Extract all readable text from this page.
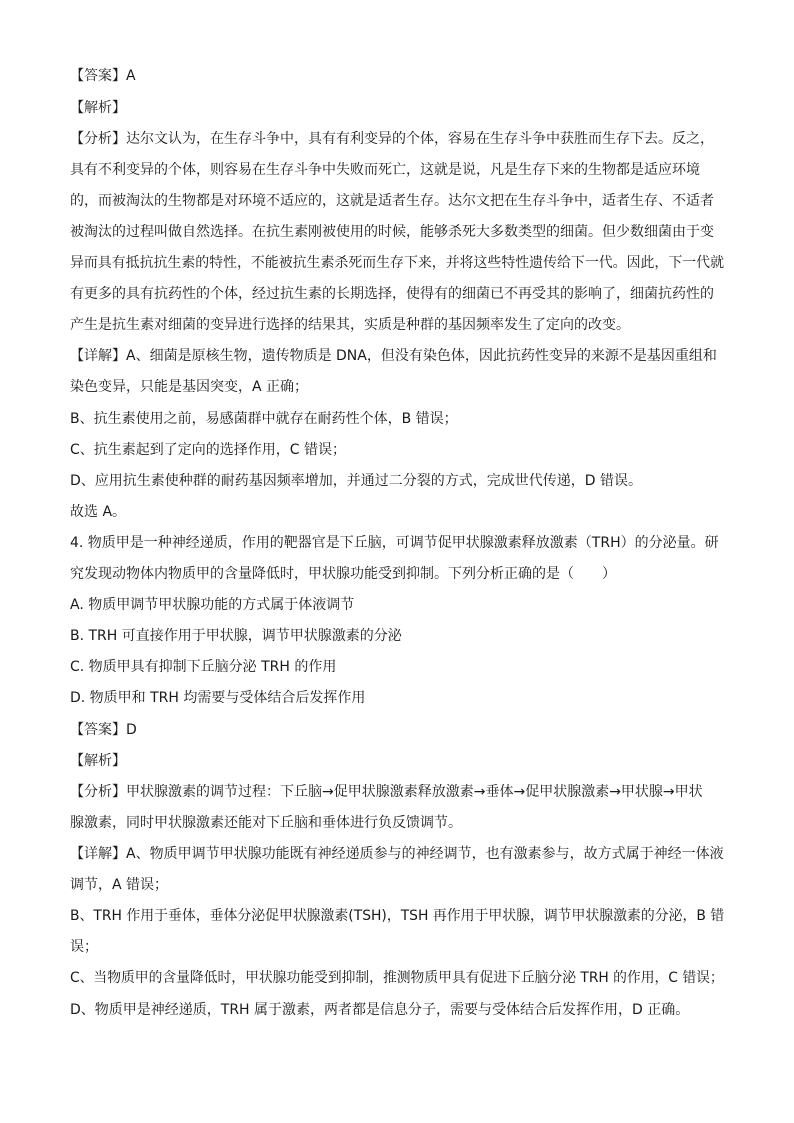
【答案】A
【解析】
【分析】达尔文认为，在生存斗争中，具有有利变异的个体，容易在生存斗争中获胜而生存下去。反之，
具有不利变异的个体，则容易在生存斗争中失败而死亡，这就是说，凡是生存下来的生物都是适应环境
的，而被淘汰的生物都是对环境不适应的，这就是适者生存。达尔文把在生存斗争中，适者生存、不适者
被淘汰的过程叫做自然选择。在抗生素刚被使用的时候，能够杀死大多数类型的细菌。但少数细菌由于变
异而具有抵抗抗生素的特性，不能被抗生素杀死而生存下来，并将这些特性遗传给下一代。因此，下一代就
有更多的具有抗药性的个体，经过抗生素的长期选择，使得有的细菌已不再受其的影响了，细菌抗药性的
产生是抗生素对细菌的变异进行选择的结果其，实质是种群的基因频率发生了定向的改变。
【详解】A、细菌是原核生物，遗传物质是 DNA，但没有染色体，因此抗药性变异的来源不是基因重组和
染色变异，只能是基因突变，A 正确；
B、抗生素使用之前，易感菌群中就存在耐药性个体，B 错误；
C、抗生素起到了定向的选择作用，C 错误；
D、应用抗生素使种群的耐药基因频率增加，并通过二分裂的方式，完成世代传递，D 错误。
故选 A。
4. 物质甲是一种神经递质，作用的靶器官是下丘脑，可调节促甲状腺激素释放激素（TRH）的分泌量。研
究发现动物体内物质甲的含量降低时，甲状腺功能受到抑制。下列分析正确的是（　　）
A. 物质甲调节甲状腺功能的方式属于体液调节
B. TRH 可直接作用于甲状腺，调节甲状腺激素的分泌
C. 物质甲具有抑制下丘脑分泌 TRH 的作用
D. 物质甲和 TRH 均需要与受体结合后发挥作用
【答案】D
【解析】
【分析】甲状腺激素的调节过程：下丘脑→促甲状腺激素释放激素→垂体→促甲状腺激素→甲状腺→甲状
腺激素，同时甲状腺激素还能对下丘脑和垂体进行负反馈调节。
【详解】A、物质甲调节甲状腺功能既有神经递质参与的神经调节，也有激素参与，故方式属于神经一体液
调节，A 错误；
B、TRH 作用于垂体，垂体分泌促甲状腺激素(TSH)，TSH 再作用于甲状腺，调节甲状腺激素的分泌，B 错
误；
C、当物质甲的含量降低时，甲状腺功能受到抑制，推测物质甲具有促进下丘脑分泌 TRH 的作用，C 错误；
D、物质甲是神经递质，TRH 属于激素，两者都是信息分子，需要与受体结合后发挥作用，D 正确。
